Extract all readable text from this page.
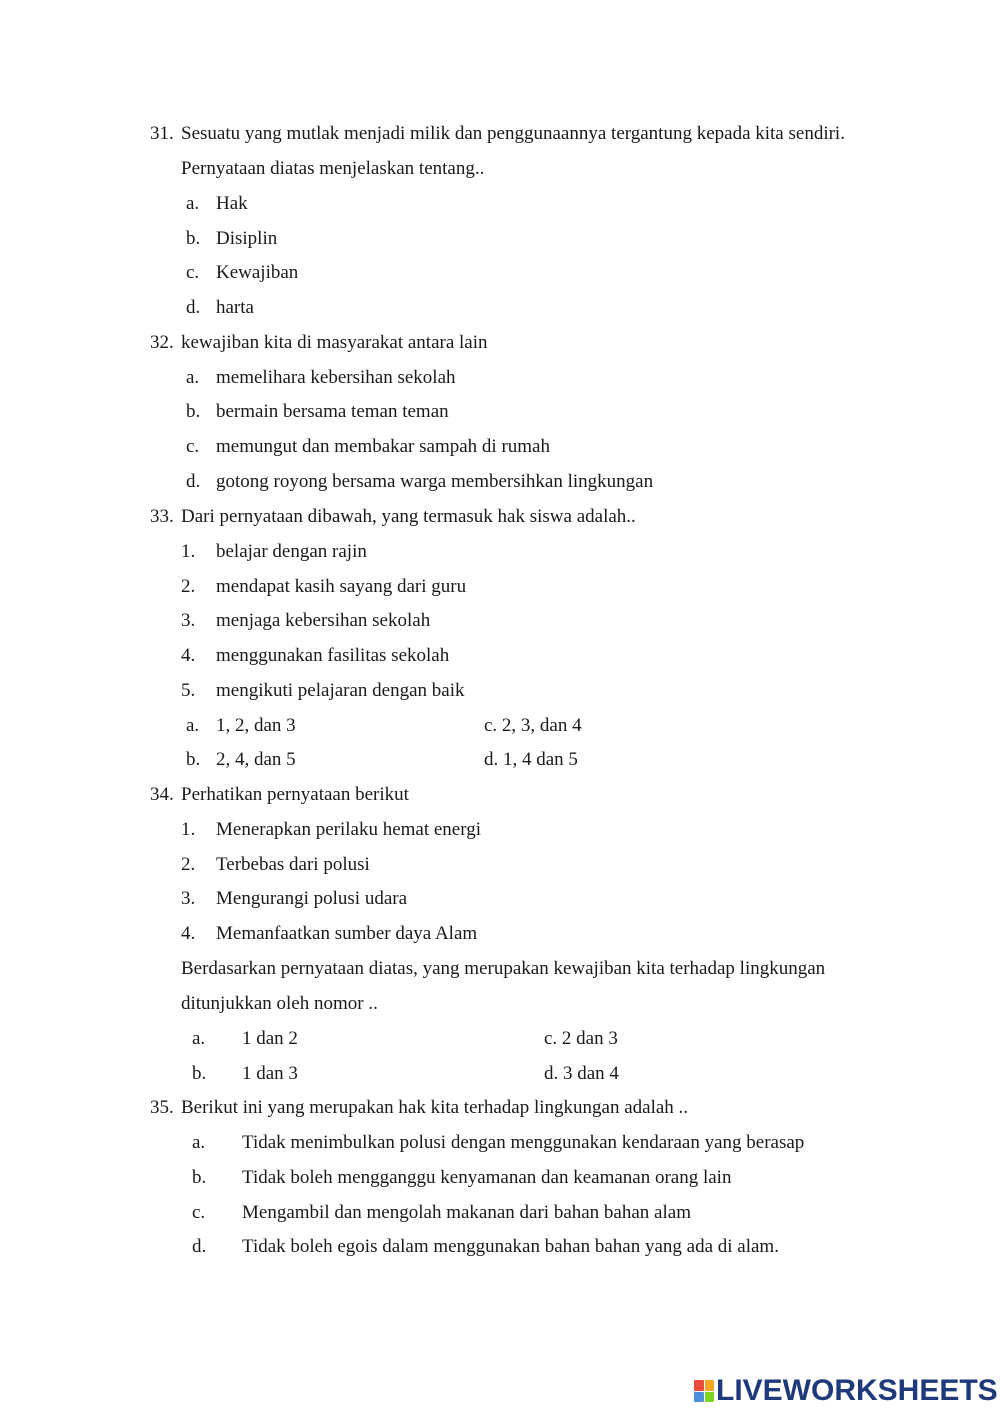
31. Sesuatu yang mutlak menjadi milik dan penggunaannya tergantung kepada kita sendiri.
Pernyataan diatas menjelaskan tentang..
a. Hak
b. Disiplin
c. Kewajiban
d. harta
32. kewajiban kita di masyarakat antara lain
a. memelihara kebersihan sekolah
b. bermain bersama teman teman
c. memungut dan membakar sampah di rumah
d. gotong royong bersama warga membersihkan lingkungan
33. Dari pernyataan dibawah, yang termasuk hak siswa adalah..
1. belajar dengan rajin
2. mendapat kasih sayang dari guru
3. menjaga kebersihan sekolah
4. menggunakan fasilitas sekolah
5. mengikuti pelajaran dengan baik
a. 1, 2, dan 3	c. 2, 3, dan 4
b. 2, 4, dan 5	d. 1, 4 dan 5
34. Perhatikan pernyataan berikut
1. Menerapkan perilaku hemat energi
2. Terbebas dari polusi
3. Mengurangi polusi udara
4. Memanfaatkan sumber daya Alam
Berdasarkan pernyataan diatas, yang merupakan kewajiban kita terhadap lingkungan
ditunjukkan oleh nomor ..
a. 1 dan 2	c. 2 dan 3
b. 1 dan 3	d. 3 dan 4
35. Berikut ini yang merupakan hak kita terhadap lingkungan adalah ..
a. Tidak menimbulkan polusi dengan menggunakan kendaraan yang berasap
b. Tidak boleh mengganggu kenyamanan dan keamanan orang lain
c. Mengambil dan mengolah makanan dari bahan bahan alam
d. Tidak boleh egois dalam menggunakan bahan bahan yang ada di alam.
LIVEWORKSHEETS
